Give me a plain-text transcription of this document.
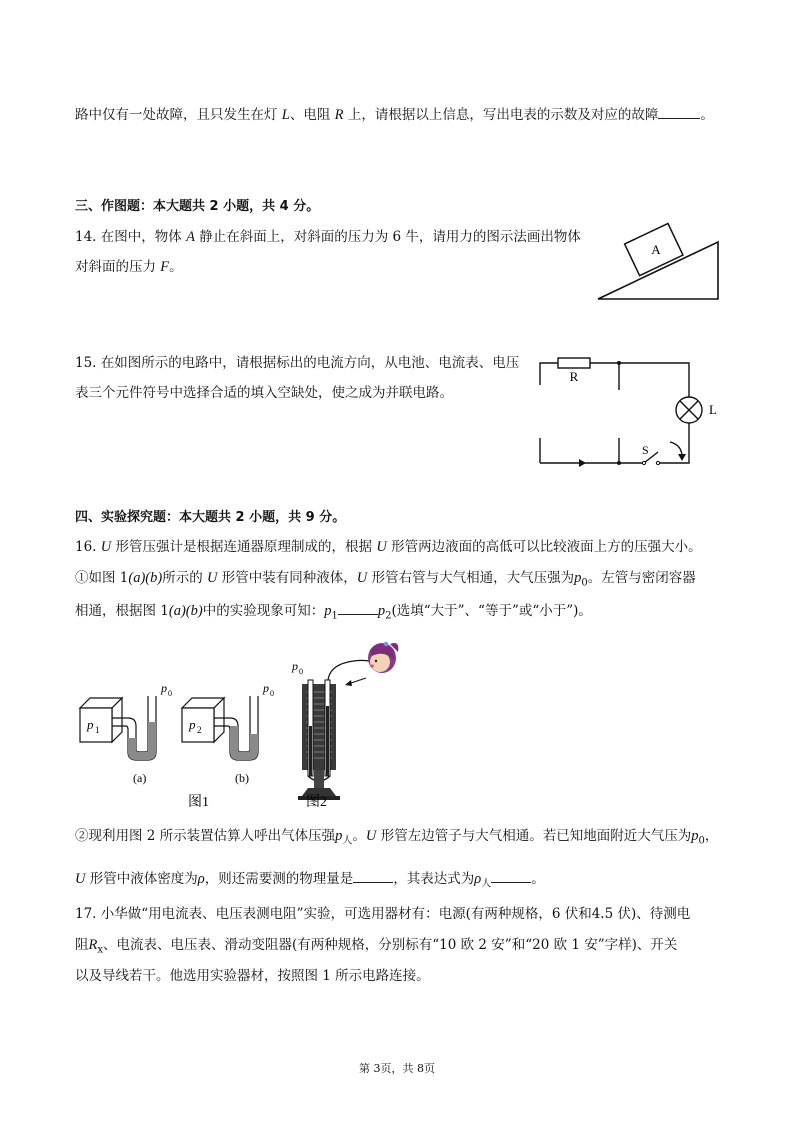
路中仅有一处故障，且只发生在灯 L、电阻 R 上，请根据以上信息，写出电表的示数及对应的故障	。
三、作图题：本大题共 2 小题，共 4 分。
14. 在图中，物体 A 静止在斜面上，对斜面的压力为 6 牛，请用力的图示法画出物体
对斜面的压力 F。
A
15. 在如图所示的电路中，请根据标出的电流方向，从电池、电流表、电压
表三个元件符号中选择合适的填入空缺处，使之成为并联电路。
R
L
S
四、实验探究题：本大题共 2 小题，共 9 分。
16. U 形管压强计是根据连通器原理制成的，根据 U 形管两边液面的高低可以比较液面上方的压强大小。
①如图 1(a)(b)所示的 U 形管中装有同种液体，U 形管右管与大气相通，大气压强为$p_0$。左管与密闭容器
相通，根据图 1(a)(b)中的实验现象可知：$p_1$	$p_2$(选填“大于”、“等于”或“小于”)。
p 1
p 0
(a)
p 2
p 0
(b)
图1
p 0
图2
②现利用图 2 所示装置估算人呼出气体压强$p_人$。U 形管左边管子与大气相通。若已知地面附近大气压为$p_0$，
U 形管中液体密度为ρ，则还需要测的物理量是	，其表达式为$\rho_人$	。
17. 小华做“用电流表、电压表测电阻”实验，可选用器材有：电源(有两种规格，6 伏和4.5 伏)、待测电
阻$R_x$、电流表、电压表、滑动变阻器(有两种规格，分别标有“10 欧 2 安”和“20 欧 1 安”字样)、开关
以及导线若干。他选用实验器材，按照图 1 所示电路连接。
第 3页，共 8页
